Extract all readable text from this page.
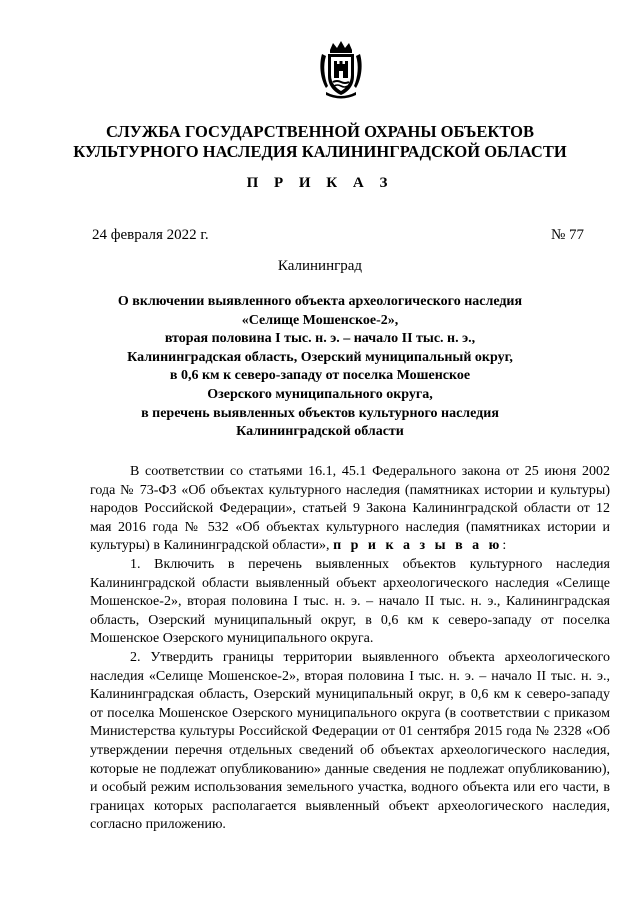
СЛУЖБА ГОСУДАРСТВЕННОЙ ОХРАНЫ ОБЪЕКТОВ
КУЛЬТУРНОГО НАСЛЕДИЯ КАЛИНИНГРАДСКОЙ ОБЛАСТИ
П Р И К А З
24 февраля 2022 г.	№ 77
Калининград
О включении выявленного объекта археологического наследия
«Селище Мошенское-2»,
вторая половина I тыс. н. э. – начало II тыс. н. э.,
Калининградская область, Озерский муниципальный округ,
в 0,6 км к северо-западу от поселка Мошенское
Озерского муниципального округа,
в перечень выявленных объектов культурного наследия
Калининградской области

В соответствии со статьями 16.1, 45.1 Федерального закона от 25 июня 2002 года № 73-ФЗ «Об объектах культурного наследия (памятниках истории и культуры) народов Российской Федерации», статьей 9 Закона Калининградской области от 12 мая 2016 года № 532 «Об объектах культурного наследия (памятниках истории и культуры) в Калининградской области», п р и к а з ы в а ю:

1. Включить в перечень выявленных объектов культурного наследия Калининградской области выявленный объект археологического наследия «Селище Мошенское-2», вторая половина I тыс. н. э. – начало II тыс. н. э., Калининградская область, Озерский муниципальный округ, в 0,6 км к северо-западу от поселка Мошенское Озерского муниципального округа.

2. Утвердить границы территории выявленного объекта археологического наследия «Селище Мошенское-2», вторая половина I тыс. н. э. – начало II тыс. н. э., Калининградская область, Озерский муниципальный округ, в 0,6 км к северо-западу от поселка Мошенское Озерского муниципального округа (в соответствии с приказом Министерства культуры Российской Федерации от 01 сентября 2015 года № 2328 «Об утверждении перечня отдельных сведений об объектах археологического наследия, которые не подлежат опубликованию» данные сведения не подлежат опубликованию), и особый режим использования земельного участка, водного объекта или его части, в границах которых располагается выявленный объект археологического наследия, согласно приложению.
